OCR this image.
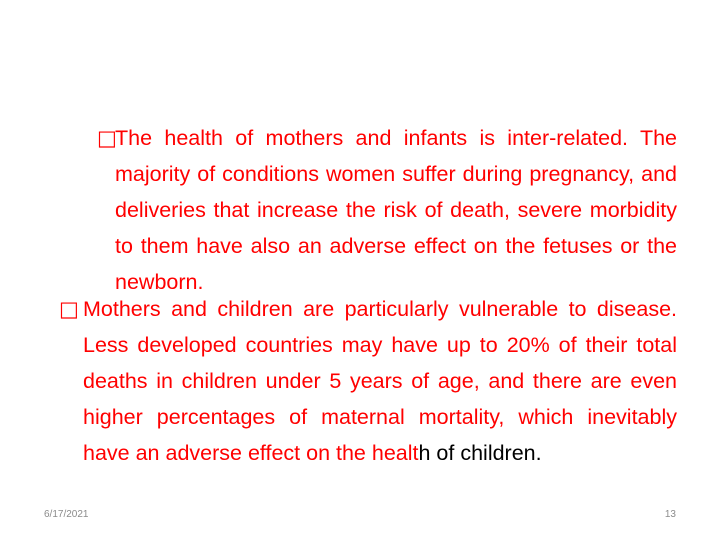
□
The health of mothers and infants is inter-related. The majority of conditions women suffer during pregnancy, and deliveries that increase the risk of death, severe morbidity to them have also an adverse effect on the fetuses or the newborn.
□ Mothers and children are particularly vulnerable to disease. Less developed countries may have up to 20% of their total deaths in children under 5 years of age, and there are even higher percentages of maternal mortality, which inevitably have an adverse effect on the health of children.
6/17/2021	13
